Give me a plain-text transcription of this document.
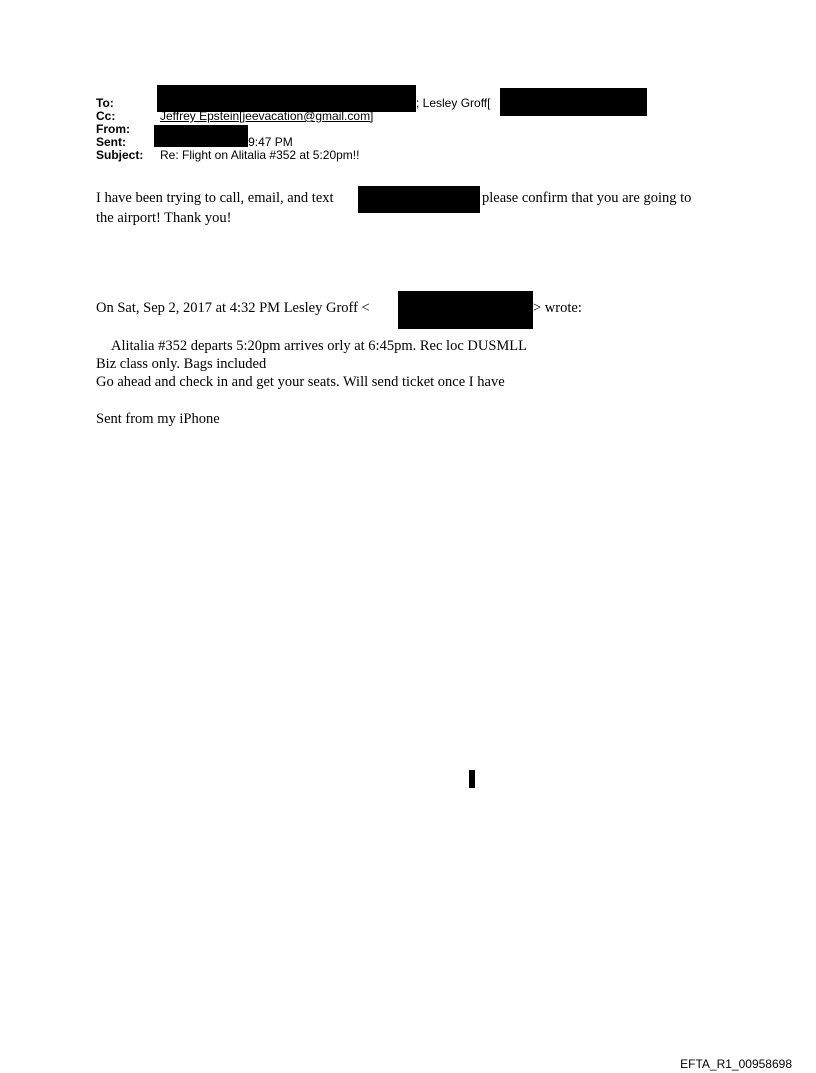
To:	; Lesley Groff[
Cc:	Jeffrey Epstein[jeevacation@gmail.com]
From:
Sent:	Sat 9/2/2017 2:09:47 PM
Subject: Re: Flight on Alitalia #352 at 5:20pm!!
I have been trying to call, email, and text	please confirm that you are going to
the airport! Thank you!
On Sat, Sep 2, 2017 at 4:32 PM Lesley Groff <	> wrote:
Alitalia #352 departs 5:20pm arrives orly at 6:45pm. Rec loc DUSMLL
Biz class only. Bags included
Go ahead and check in and get your seats. Will send ticket once I have
Sent from my iPhone
EFTA_R1_00958698
